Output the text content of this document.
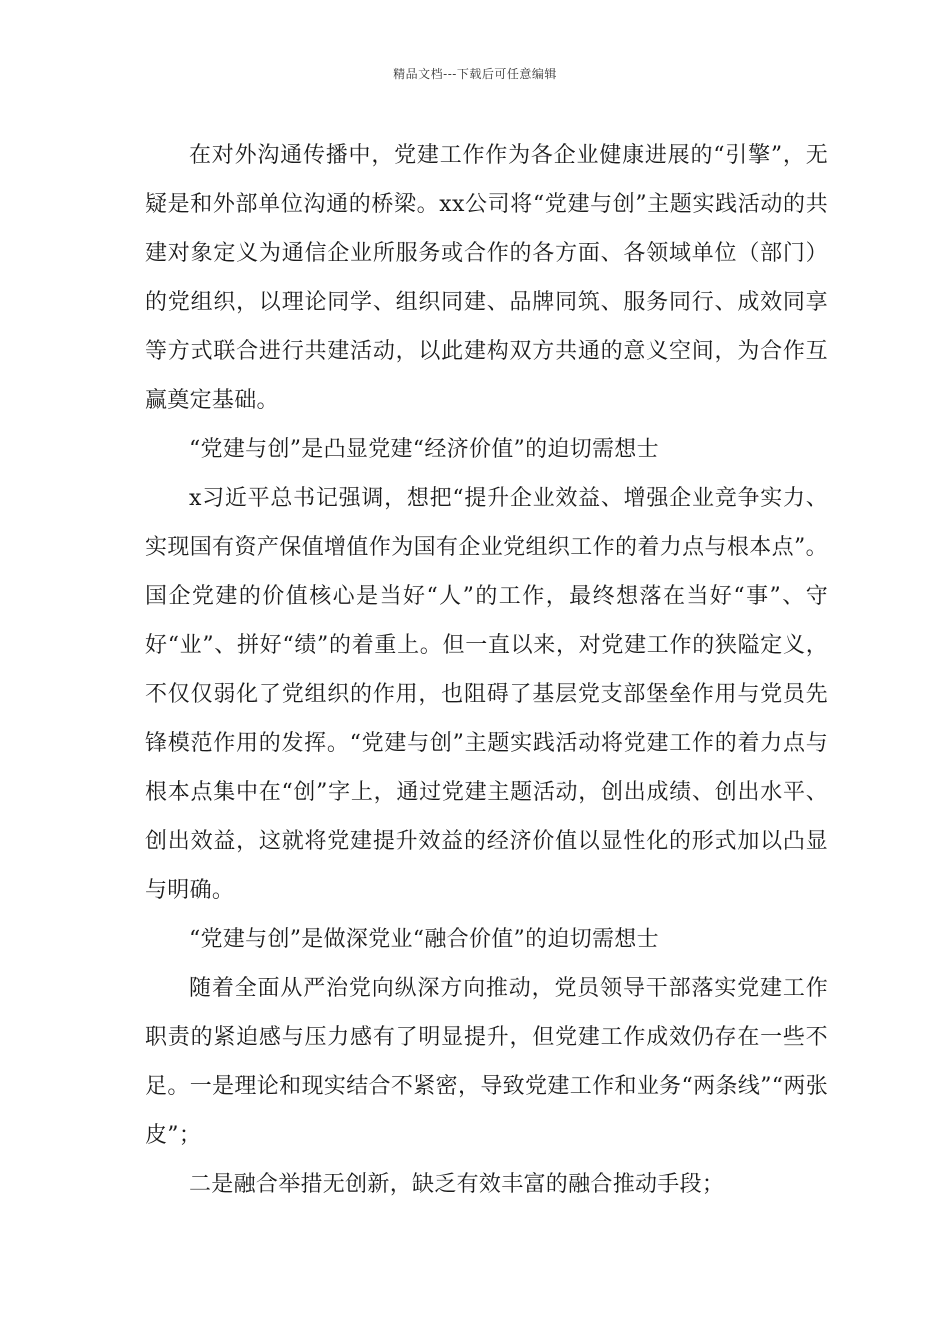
精品文档---下载后可任意编辑

在对外沟通传播中，党建工作作为各企业健康进展的“引擎”，无疑是和外部单位沟通的桥梁。xx公司将“党建与创”主题实践活动的共建对象定义为通信企业所服务或合作的各方面、各领域单位（部门）的党组织，以理论同学、组织同建、品牌同筑、服务同行、成效同享等方式联合进行共建活动，以此建构双方共通的意义空间，为合作互赢奠定基础。

“党建与创”是凸显党建“经济价值”的迫切需想士

x习近平总书记强调，想把“提升企业效益、增强企业竞争实力、实现国有资产保值增值作为国有企业党组织工作的着力点与根本点”。国企党建的价值核心是当好“人”的工作，最终想落在当好“事”、守好“业”、拼好“绩”的着重上。但一直以来，对党建工作的狭隘定义，不仅仅弱化了党组织的作用，也阻碍了基层党支部堡垒作用与党员先锋模范作用的发挥。“党建与创”主题实践活动将党建工作的着力点与根本点集中在“创”字上，通过党建主题活动，创出成绩、创出水平、创出效益，这就将党建提升效益的经济价值以显性化的形式加以凸显与明确。

“党建与创”是做深党业“融合价值”的迫切需想士

随着全面从严治党向纵深方向推动，党员领导干部落实党建工作职责的紧迫感与压力感有了明显提升，但党建工作成效仍存在一些不足。一是理论和现实结合不紧密，导致党建工作和业务“两条线”“两张皮”；

二是融合举措无创新，缺乏有效丰富的融合推动手段；
